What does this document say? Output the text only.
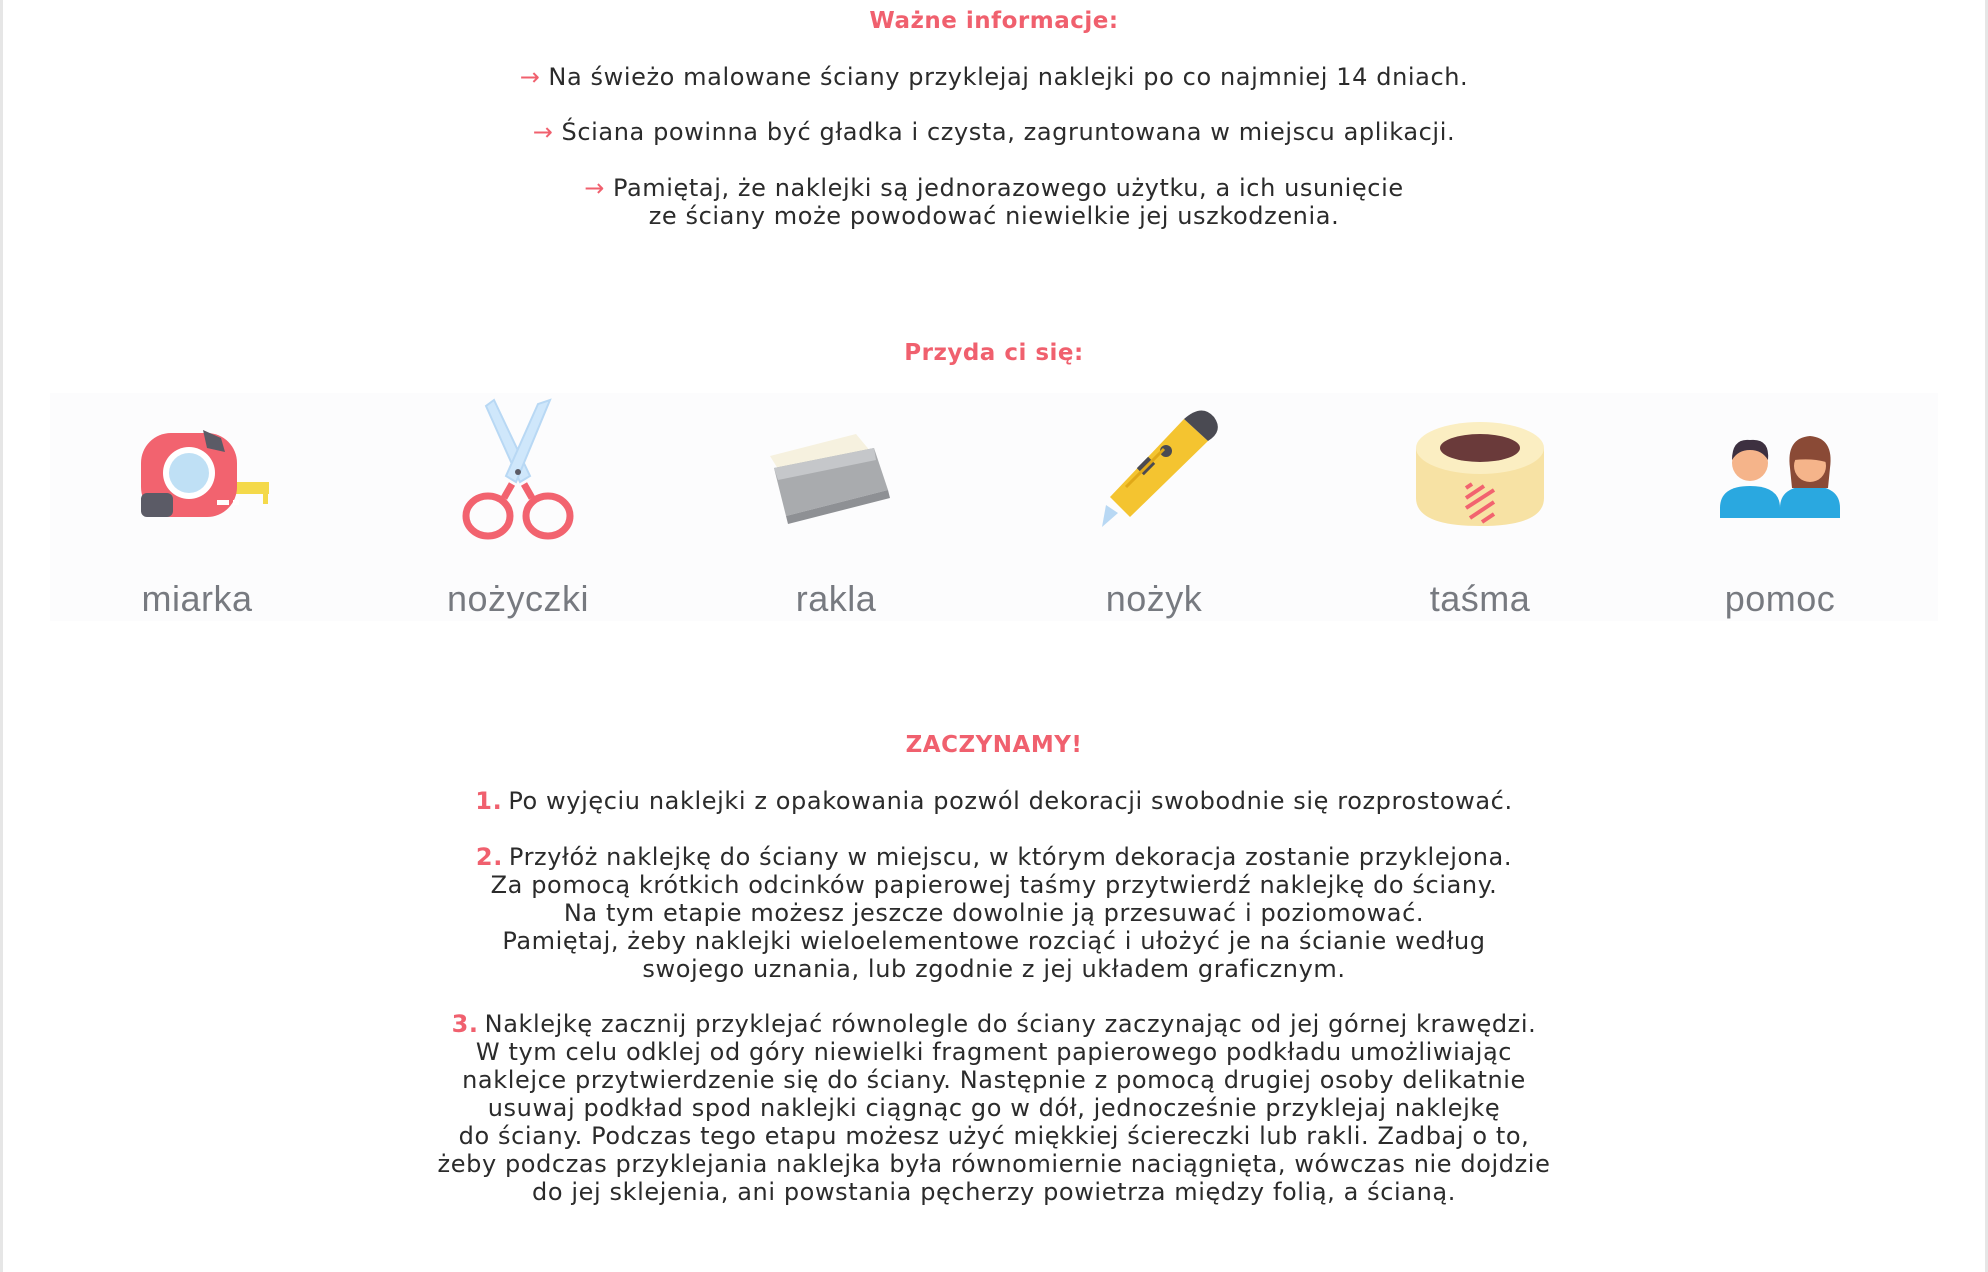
Ważne informacje:

→ Na świeżo malowane ściany przyklejaj naklejki po co najmniej 14 dniach.

→ Ściana powinna być gładka i czysta, zagruntowana w miejscu aplikacji.

→ Pamiętaj, że naklejki są jednorazowego użytku, a ich usunięcie
ze ściany może powodować niewielkie jej uszkodzenia.

Przyda ci się:

miarka	nożyczki	rakla	nożyk	taśma	pomoc

ZACZYNAMY!

1. Po wyjęciu naklejki z opakowania pozwól dekoracji swobodnie się rozprostować.

2. Przyłóż naklejkę do ściany w miejscu, w którym dekoracja zostanie przyklejona.
Za pomocą krótkich odcinków papierowej taśmy przytwierdź naklejkę do ściany.
Na tym etapie możesz jeszcze dowolnie ją przesuwać i poziomować.
Pamiętaj, żeby naklejki wieloelementowe rozciąć i ułożyć je na ścianie według
swojego uznania, lub zgodnie z jej układem graficznym.

3. Naklejkę zacznij przyklejać równolegle do ściany zaczynając od jej górnej krawędzi.
W tym celu odklej od góry niewielki fragment papierowego podkładu umożliwiając
naklejce przytwierdzenie się do ściany. Następnie z pomocą drugiej osoby delikatnie
usuwaj podkład spod naklejki ciągnąc go w dół, jednocześnie przyklejaj naklejkę
do ściany. Podczas tego etapu możesz użyć miękkiej ściereczki lub rakli. Zadbaj o to,
żeby podczas przyklejania naklejka była równomiernie naciągnięta, wówczas nie dojdzie
do jej sklejenia, ani powstania pęcherzy powietrza między folią, a ścianą.
